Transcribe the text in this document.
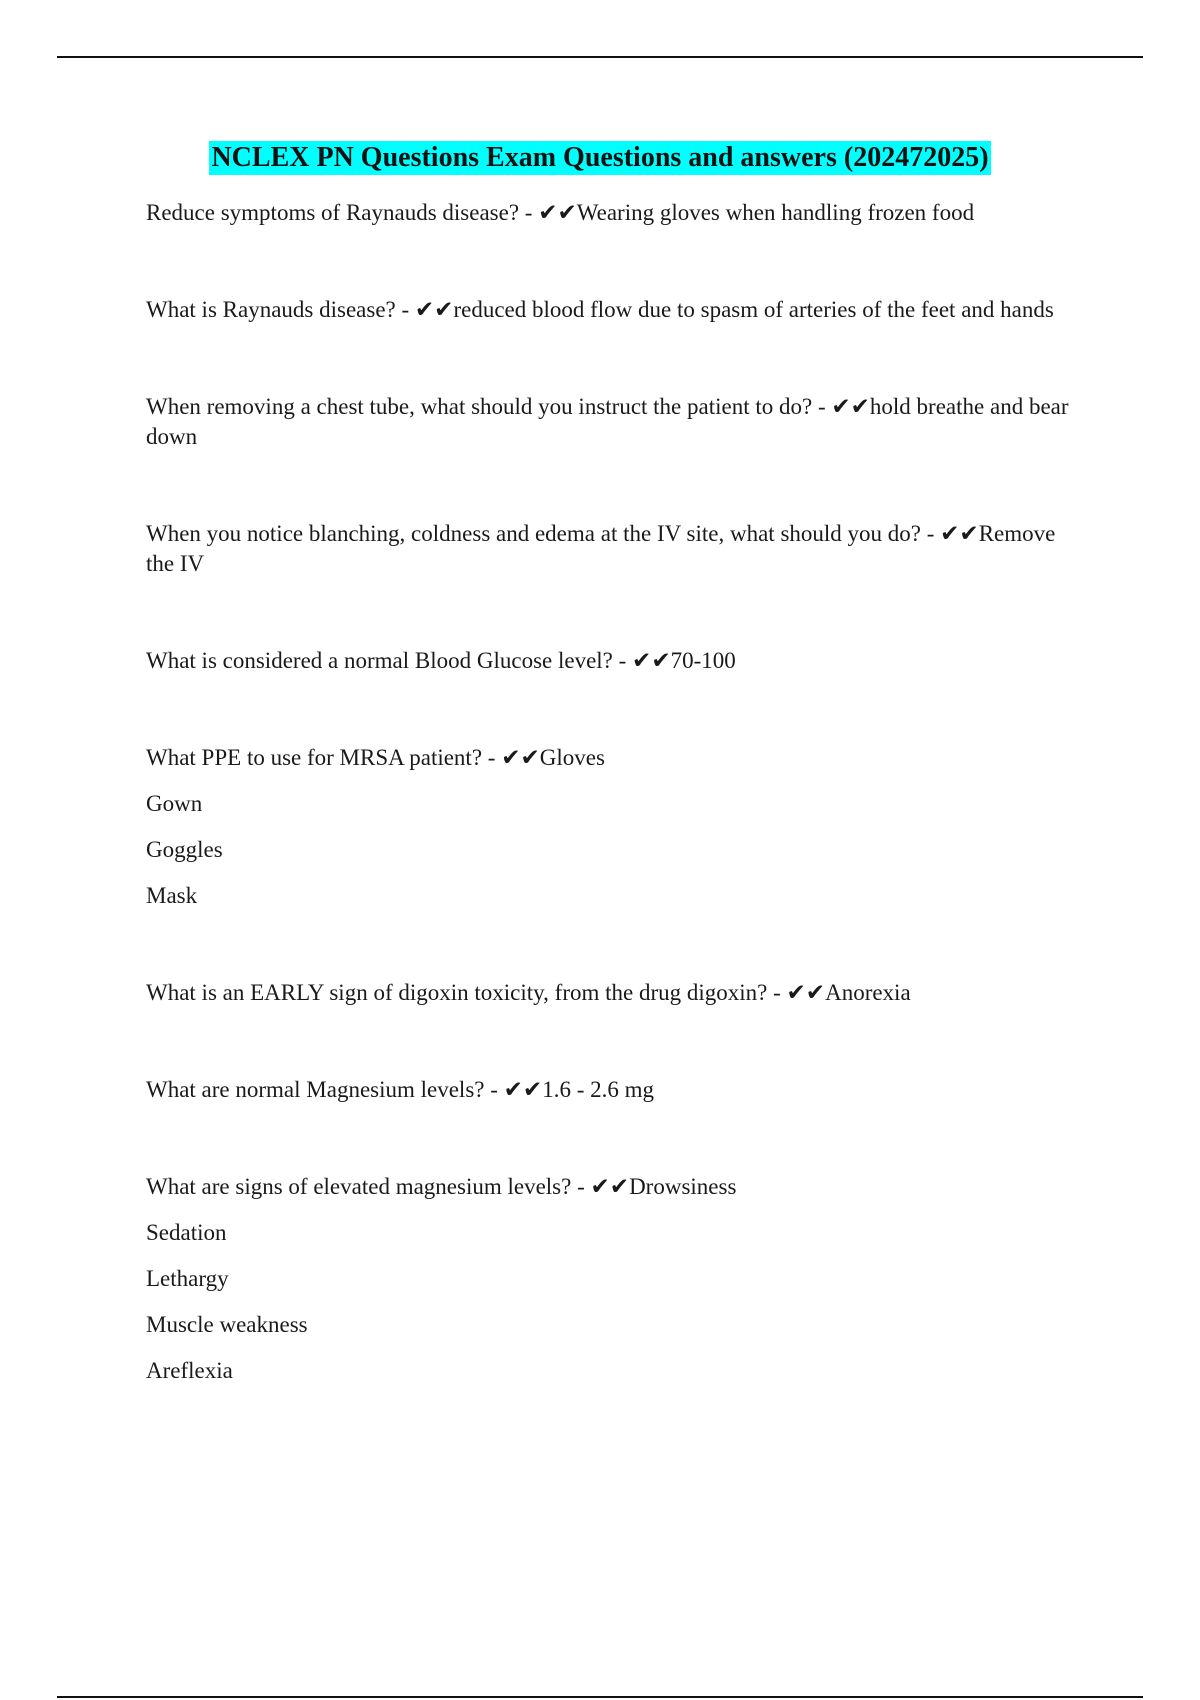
NCLEX PN Questions Exam Questions and answers (202472025)

Reduce symptoms of Raynauds disease? - ✔✔Wearing gloves when handling frozen food

What is Raynauds disease? - ✔✔reduced blood flow due to spasm of arteries of the feet and hands

When removing a chest tube, what should you instruct the patient to do? - ✔✔hold breathe and bear down

When you notice blanching, coldness and edema at the IV site, what should you do? - ✔✔Remove the IV

What is considered a normal Blood Glucose level? - ✔✔70-100

What PPE to use for MRSA patient? - ✔✔Gloves

Gown

Goggles

Mask

What is an EARLY sign of digoxin toxicity, from the drug digoxin? - ✔✔Anorexia

What are normal Magnesium levels? - ✔✔1.6 - 2.6 mg

What are signs of elevated magnesium levels? - ✔✔Drowsiness

Sedation

Lethargy

Muscle weakness

Areflexia
